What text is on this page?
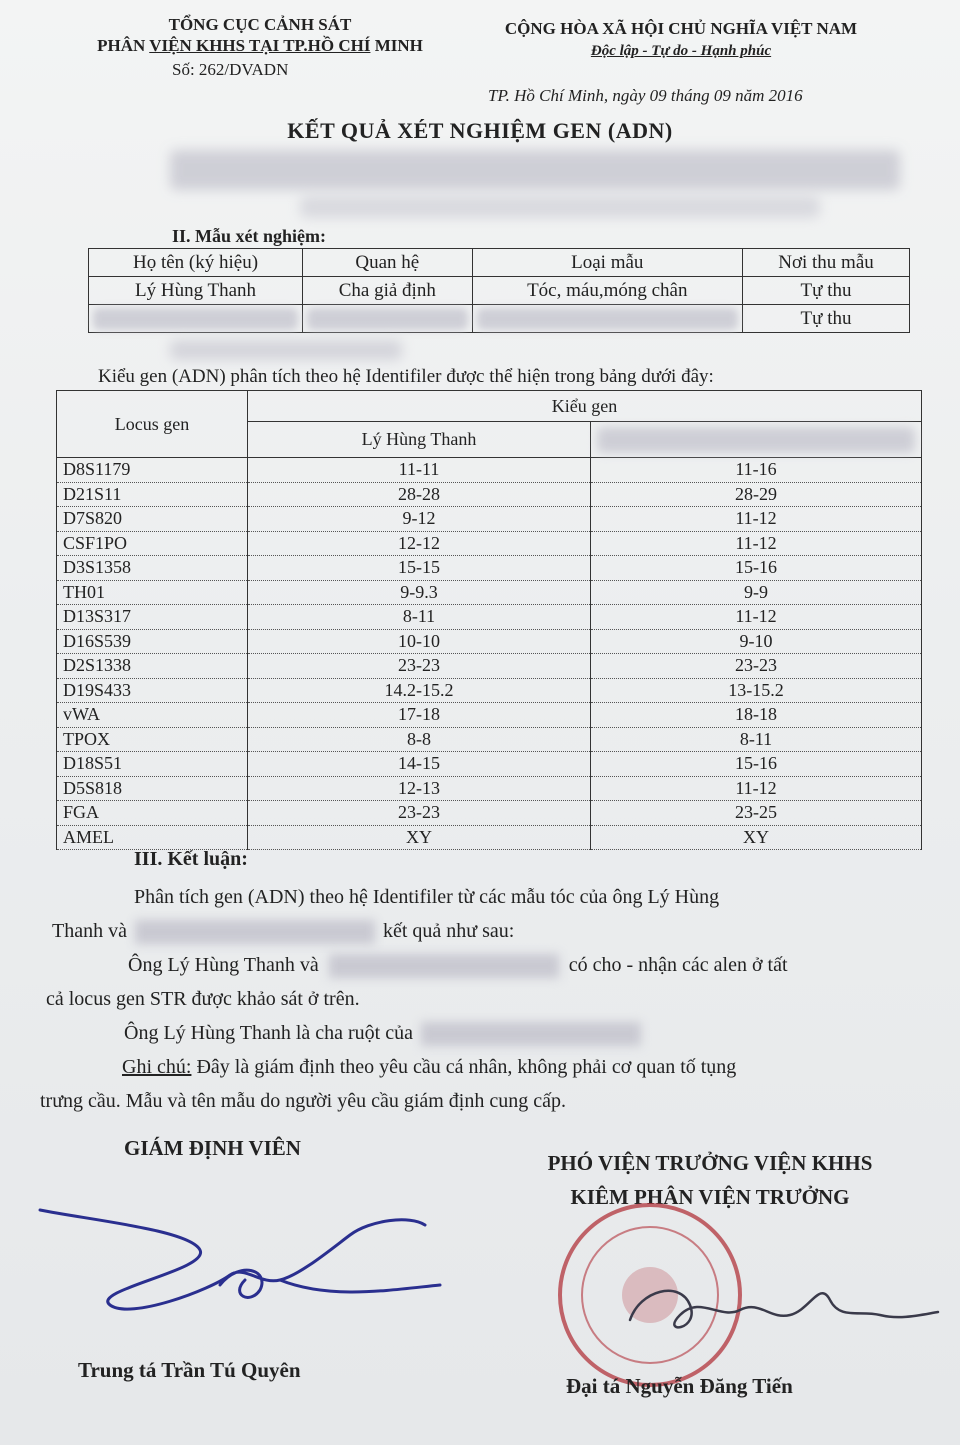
TỔNG CỤC CẢNH SÁT
PHÂN VIỆN KHHS TẠI TP.HỒ CHÍ MINH
Số: 262/DVADN
CỘNG HÒA XÃ HỘI CHỦ NGHĨA VIỆT NAM
Độc lập - Tự do - Hạnh phúc
TP. Hồ Chí Minh, ngày 09 tháng 09 năm 2016
KẾT QUẢ XÉT NGHIỆM GEN (ADN)
II. Mẫu xét nghiệm:
Họ tên (ký hiệu)	Quan hệ	Loại mẫu	Nơi thu mẫu
Lý Hùng Thanh	Cha giả định	Tóc, máu,móng chân	Tự thu

	Tự thu
Kiểu gen (ADN) phân tích theo hệ Identifiler được thể hiện trong bảng dưới đây:
Locus gen	Kiểu gen	
	Lý Hùng Thanh	

D8S1179	11-11	11-16
D21S11	28-28	28-29
D7S820	9-12	11-12
CSF1PO	12-12	11-12
D3S1358	15-15	15-16
TH01	9-9.3	9-9
D13S317	8-11	11-12
D16S539	10-10	9-10
D2S1338	23-23	23-23
D19S433	14.2-15.2	13-15.2
vWA	17-18	18-18
TPOX	8-8	8-11
D18S51	14-15	15-16
D5S818	12-13	11-12
FGA	23-23	23-25
AMEL	XY	XY
III. Kết luận:

Phân tích gen (ADN) theo hệ Identifiler từ các mẫu tóc của ông Lý Hùng

Thanh và	kết quả như sau:

Ông Lý Hùng Thanh và	có cho - nhận các alen ở tất

cả locus gen STR được khảo sát ở trên.

Ông Lý Hùng Thanh là cha ruột của

Ghi chú: Đây là giám định theo yêu cầu cá nhân, không phải cơ quan tố tụng

trưng cầu. Mẫu và tên mẫu do người yêu cầu giám định cung cấp.

GIÁM ĐỊNH VIÊN
PHÓ VIỆN TRƯỞNG VIỆN KHHS
KIÊM PHÂN VIỆN TRƯỞNG
Trung tá Trần Tú Quyên
Đại tá Nguyễn Đăng Tiến
